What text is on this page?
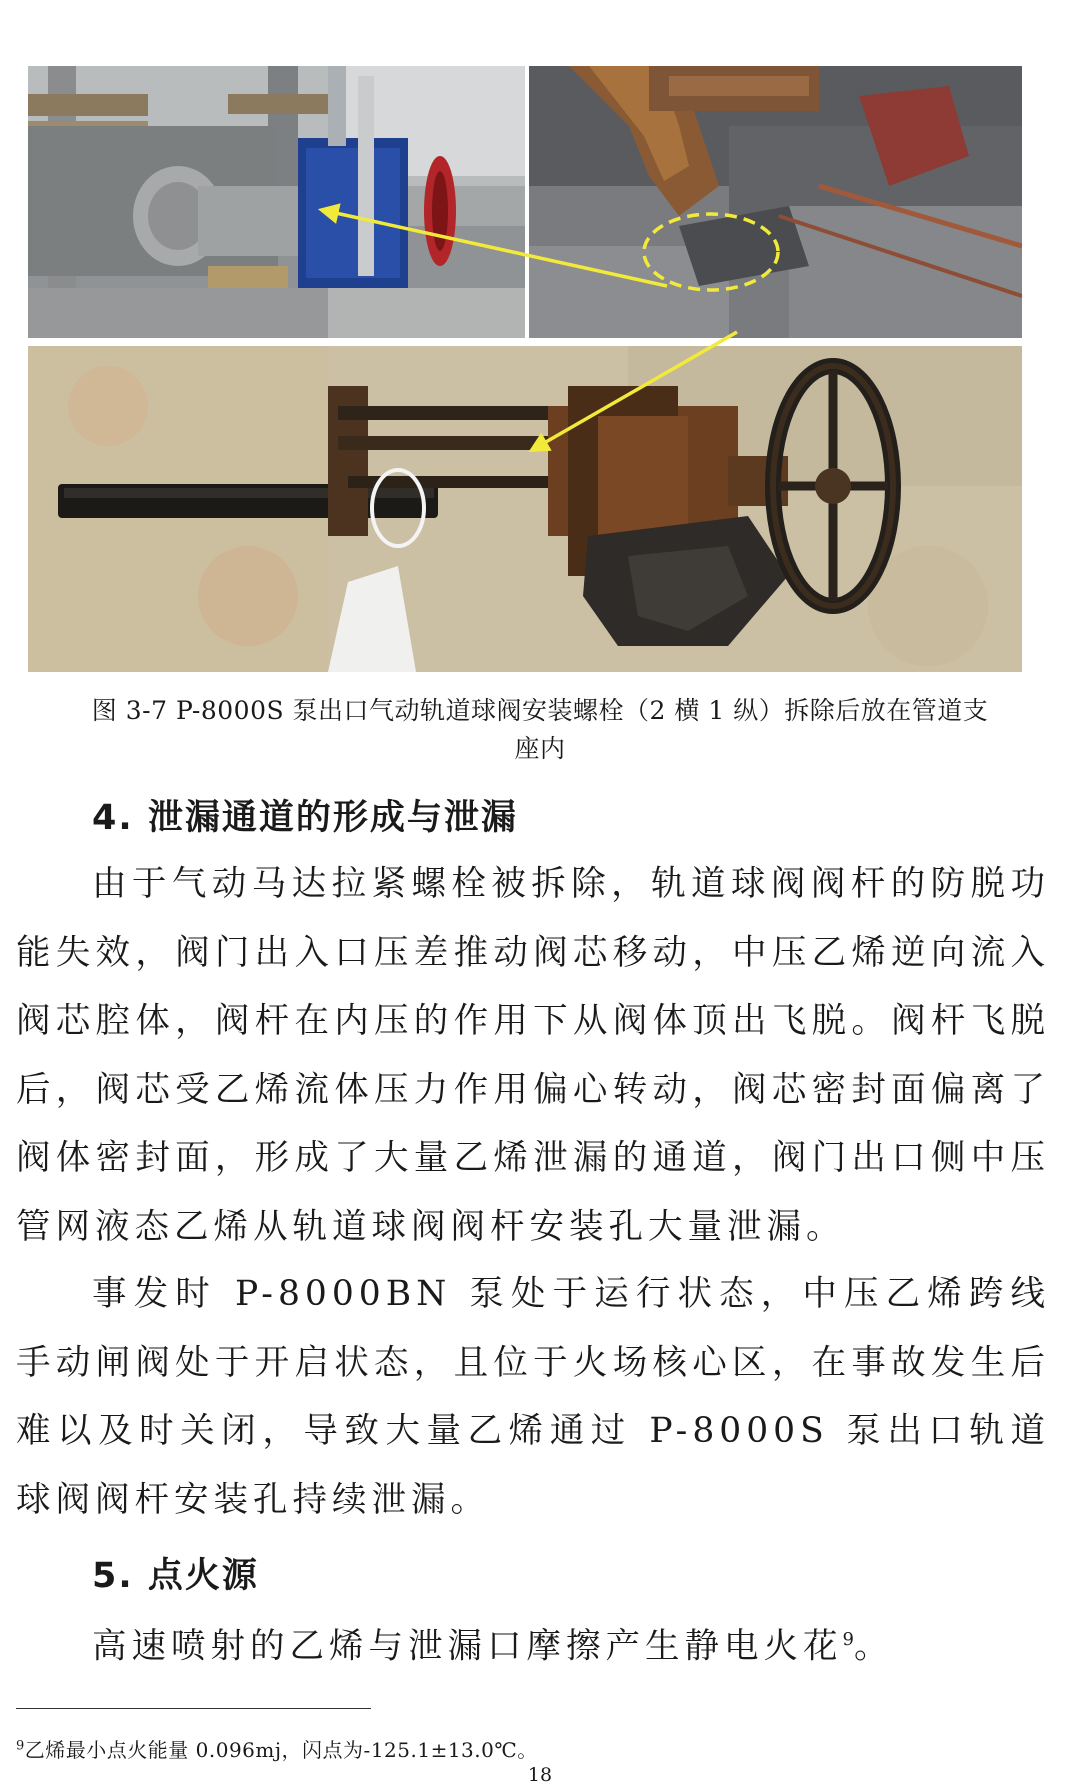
图 3-7 P-8000S 泵出口气动轨道球阀安装螺栓（2 横 1 纵）拆除后放在管道支
座内
4. 泄漏通道的形成与泄漏

由于气动马达拉紧螺栓被拆除，轨道球阀阀杆的防脱功能失效，阀门出入口压差推动阀芯移动，中压乙烯逆向流入阀芯腔体，阀杆在内压的作用下从阀体顶出飞脱。阀杆飞脱后，阀芯受乙烯流体压力作用偏心转动，阀芯密封面偏离了阀体密封面，形成了大量乙烯泄漏的通道，阀门出口侧中压管网液态乙烯从轨道球阀阀杆安装孔大量泄漏。

事发时 P-8000BN 泵处于运行状态，中压乙烯跨线手动闸阀处于开启状态，且位于火场核心区，在事故发生后难以及时关闭，导致大量乙烯通过 P-8000S 泵出口轨道球阀阀杆安装孔持续泄漏。

5. 点火源

高速喷射的乙烯与泄漏口摩擦产生静电火花$^9$。

$^9$乙烯最小点火能量 0.096mj，闪点为-125.1±13.0℃。
18
